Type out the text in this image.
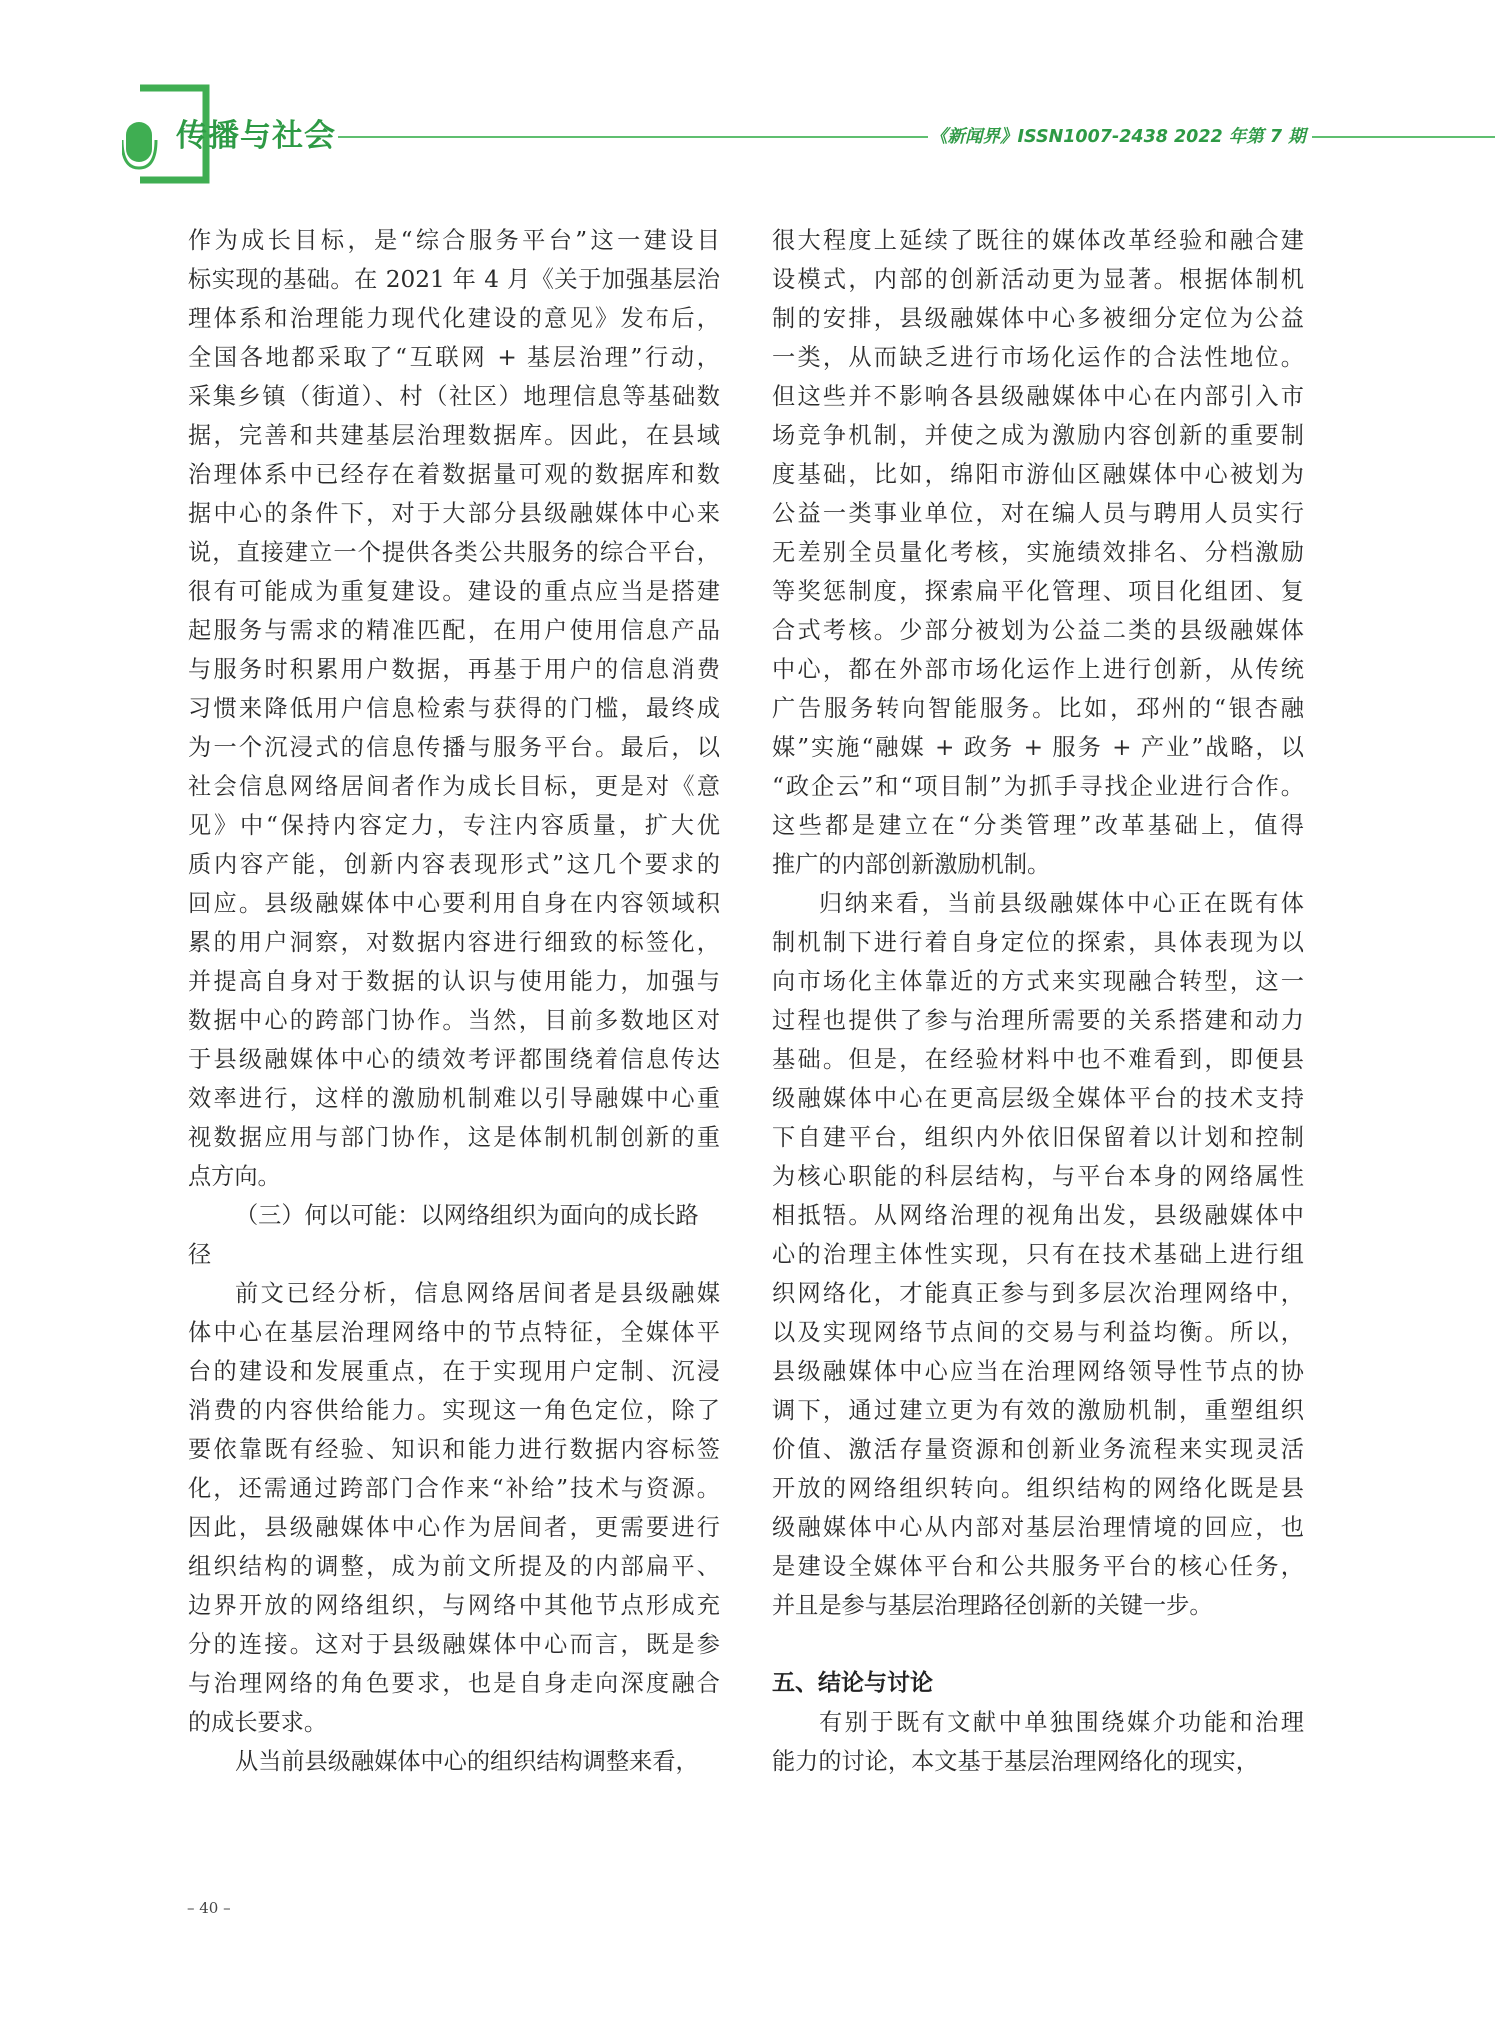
传播与社会	《新闻界》ISSN1007-2438 2022 年第 7 期
作为成长目标，是“综合服务平台”这一建设目
标实现的基础。在 2021 年 4 月《关于加强基层治
理体系和治理能力现代化建设的意见》发布后，
全国各地都采取了“互联网 + 基层治理”行动，
采集乡镇（街道）、村（社区）地理信息等基础数
据，完善和共建基层治理数据库。因此，在县域
治理体系中已经存在着数据量可观的数据库和数
据中心的条件下，对于大部分县级融媒体中心来
说，直接建立一个提供各类公共服务的综合平台，
很有可能成为重复建设。建设的重点应当是搭建
起服务与需求的精准匹配，在用户使用信息产品
与服务时积累用户数据，再基于用户的信息消费
习惯来降低用户信息检索与获得的门槛，最终成
为一个沉浸式的信息传播与服务平台。最后，以
社会信息网络居间者作为成长目标，更是对《意
见》中“保持内容定力，专注内容质量，扩大优
质内容产能，创新内容表现形式”这几个要求的
回应。县级融媒体中心要利用自身在内容领域积
累的用户洞察，对数据内容进行细致的标签化，
并提高自身对于数据的认识与使用能力，加强与
数据中心的跨部门协作。当然，目前多数地区对
于县级融媒体中心的绩效考评都围绕着信息传达
效率进行，这样的激励机制难以引导融媒中心重
视数据应用与部门协作，这是体制机制创新的重
点方向。
（三）何以可能：以网络组织为面向的成长路
径
前文已经分析，信息网络居间者是县级融媒
体中心在基层治理网络中的节点特征，全媒体平
台的建设和发展重点，在于实现用户定制、沉浸
消费的内容供给能力。实现这一角色定位，除了
要依靠既有经验、知识和能力进行数据内容标签
化，还需通过跨部门合作来“补给”技术与资源。
因此，县级融媒体中心作为居间者，更需要进行
组织结构的调整，成为前文所提及的内部扁平、
边界开放的网络组织，与网络中其他节点形成充
分的连接。这对于县级融媒体中心而言，既是参
与治理网络的角色要求，也是自身走向深度融合
的成长要求。
从当前县级融媒体中心的组织结构调整来看，
很大程度上延续了既往的媒体改革经验和融合建
设模式，内部的创新活动更为显著。根据体制机
制的安排，县级融媒体中心多被细分定位为公益
一类，从而缺乏进行市场化运作的合法性地位。
但这些并不影响各县级融媒体中心在内部引入市
场竞争机制，并使之成为激励内容创新的重要制
度基础，比如，绵阳市游仙区融媒体中心被划为
公益一类事业单位，对在编人员与聘用人员实行
无差别全员量化考核，实施绩效排名、分档激励
等奖惩制度，探索扁平化管理、项目化组团、复
合式考核。少部分被划为公益二类的县级融媒体
中心，都在外部市场化运作上进行创新，从传统
广告服务转向智能服务。比如，邳州的“银杏融
媒”实施“融媒 + 政务 + 服务 + 产业”战略，以
“政企云”和“项目制”为抓手寻找企业进行合作。
这些都是建立在“分类管理”改革基础上，值得
推广的内部创新激励机制。
归纳来看，当前县级融媒体中心正在既有体
制机制下进行着自身定位的探索，具体表现为以
向市场化主体靠近的方式来实现融合转型，这一
过程也提供了参与治理所需要的关系搭建和动力
基础。但是，在经验材料中也不难看到，即便县
级融媒体中心在更高层级全媒体平台的技术支持
下自建平台，组织内外依旧保留着以计划和控制
为核心职能的科层结构，与平台本身的网络属性
相抵牾。从网络治理的视角出发，县级融媒体中
心的治理主体性实现，只有在技术基础上进行组
织网络化，才能真正参与到多层次治理网络中，
以及实现网络节点间的交易与利益均衡。所以，
县级融媒体中心应当在治理网络领导性节点的协
调下，通过建立更为有效的激励机制，重塑组织
价值、激活存量资源和创新业务流程来实现灵活
开放的网络组织转向。组织结构的网络化既是县
级融媒体中心从内部对基层治理情境的回应，也
是建设全媒体平台和公共服务平台的核心任务，
并且是参与基层治理路径创新的关键一步。
五、结论与讨论
有别于既有文献中单独围绕媒介功能和治理
能力的讨论，本文基于基层治理网络化的现实，
– 40 –
